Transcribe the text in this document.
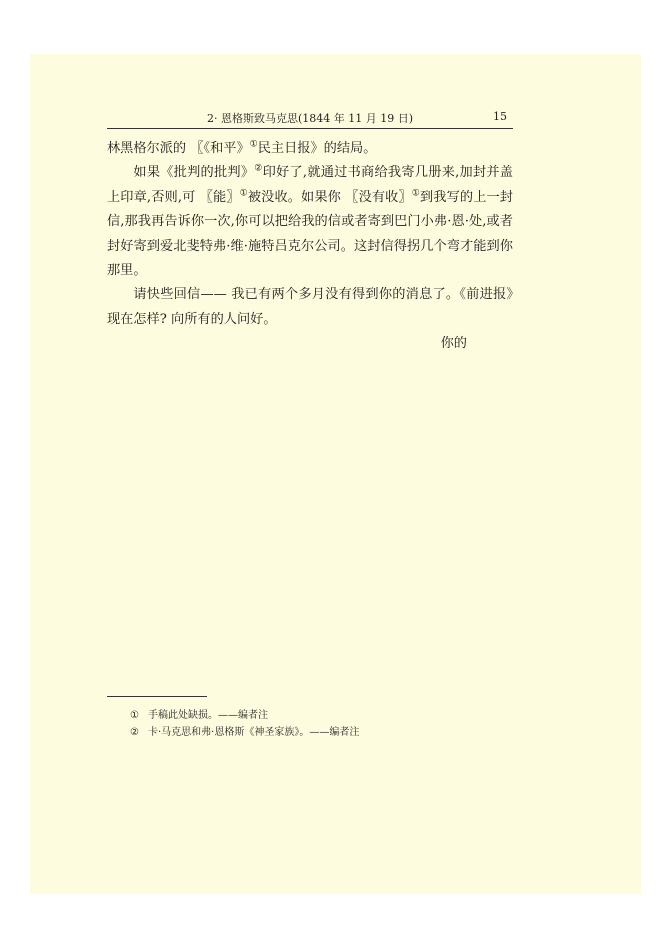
2· 恩格斯致马克思(1844 年 11 月 19 日)	15

林黑格尔派的 〖《和平》①民主日报》的结局。

如果《批判的批判》②印好了,就通过书商给我寄几册来,加封并盖上印章,否则,可 〖能〗①被没收。如果你 〖没有收〗①到我写的上一封信,那我再告诉你一次,你可以把给我的信或者寄到巴门小弗·恩·处,或者封好寄到爱北斐特弗·维·施特吕克尔公司。这封信得拐几个弯才能到你那里。

请快些回信—— 我已有两个多月没有得到你的消息了。《前进报》现在怎样? 向所有的人问好。

你的

① 手稿此处缺损。——编者注
② 卡·马克思和弗·恩格斯《神圣家族》。——编者注
